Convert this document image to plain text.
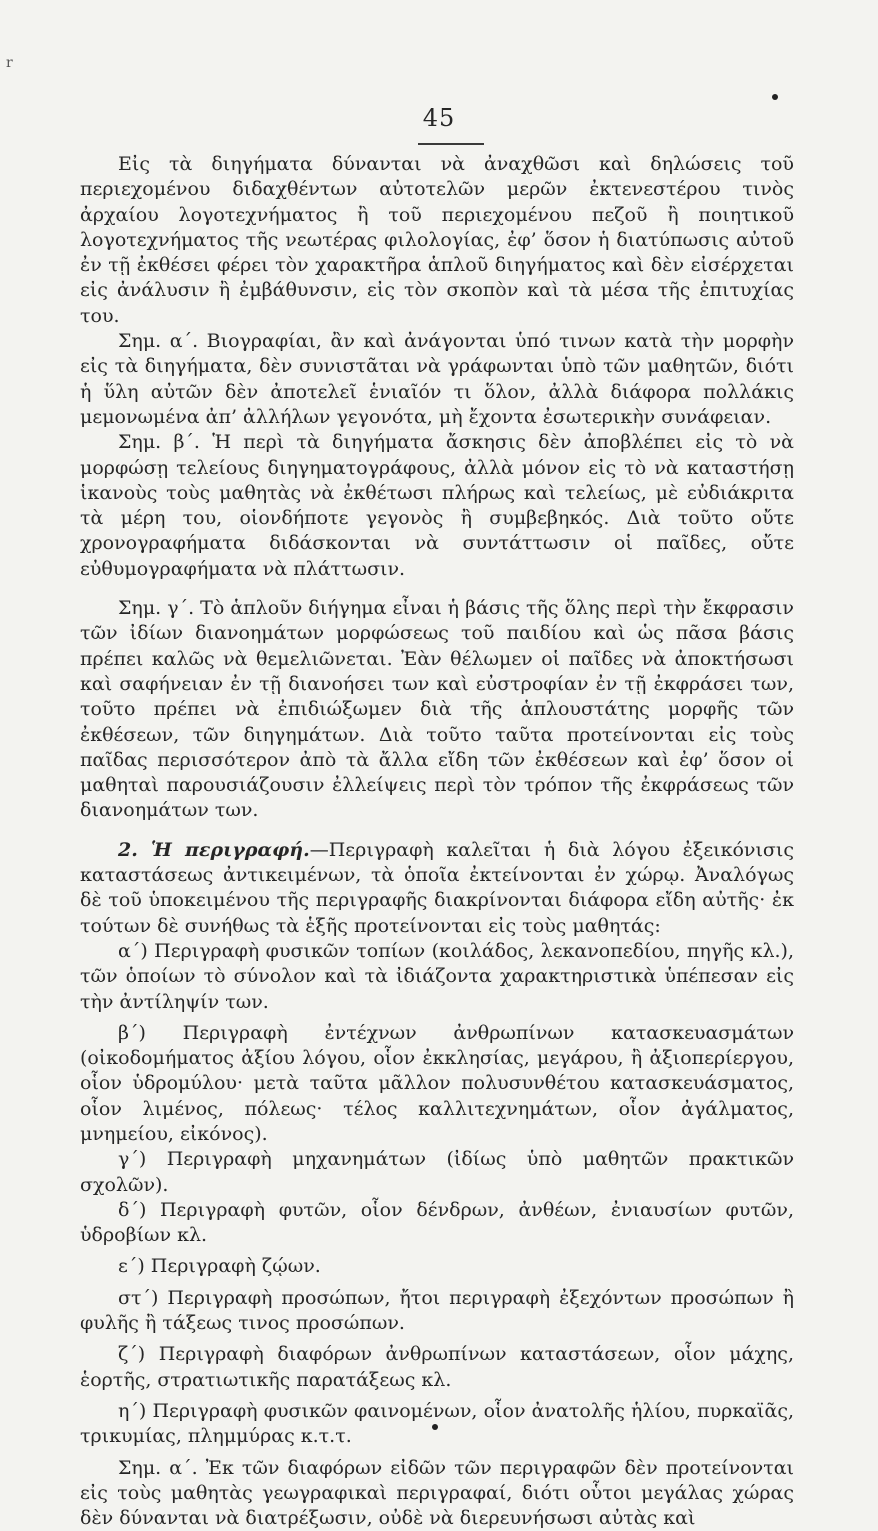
r
45

Εἰς τὰ διηγήματα δύνανται νὰ ἀναχθῶσι καὶ δηλώσεις τοῦ περιεχομένου διδαχθέντων αὐτοτελῶν μερῶν ἐκτενεστέρου τινὸς ἀρχαίου λογοτεχνήματος ἢ τοῦ περιεχομένου πεζοῦ ἢ ποιητικοῦ λογοτεχνήματος τῆς νεωτέρας φιλολογίας, ἐφ’ ὅσον ἡ διατύπωσις αὐτοῦ ἐν τῇ ἐκθέσει φέρει τὸν χαρακτῆρα ἁπλοῦ διηγήματος καὶ δὲν εἰσέρχεται εἰς ἀνάλυσιν ἢ ἐμβάθυνσιν, εἰς τὸν σκοπὸν καὶ τὰ μέσα τῆς ἐπιτυχίας του.

Σημ. α΄. Βιογραφίαι, ἂν καὶ ἀνάγονται ὑπό τινων κατὰ τὴν μορφὴν εἰς τὰ διηγήματα, δὲν συνιστᾶται νὰ γράφωνται ὑπὸ τῶν μαθητῶν, διότι ἡ ὕλη αὐτῶν δὲν ἀποτελεῖ ἑνιαῖόν τι ὅλον, ἀλλὰ διάφορα πολλάκις μεμονωμένα ἀπ’ ἀλλήλων γεγονότα, μὴ ἔχοντα ἐσωτερικὴν συνάφειαν.

Σημ. β΄. Ἡ περὶ τὰ διηγήματα ἄσκησις δὲν ἀποβλέπει εἰς τὸ νὰ μορφώσῃ τελείους διηγηματογράφους, ἀλλὰ μόνον εἰς τὸ νὰ καταστήσῃ ἱκανοὺς τοὺς μαθητὰς νὰ ἐκθέτωσι πλήρως καὶ τελείως, μὲ εὐδιάκριτα τὰ μέρη του, οἱονδήποτε γεγονὸς ἢ συμβεβηκός. Διὰ τοῦτο οὔτε χρονογραφήματα διδάσκονται νὰ συντάττωσιν οἱ παῖδες, οὔτε εὐθυμογραφήματα νὰ πλάττωσιν.

Σημ. γ΄. Τὸ ἁπλοῦν διήγημα εἶναι ἡ βάσις τῆς ὅλης περὶ τὴν ἔκφρασιν τῶν ἰδίων διανοημάτων μορφώσεως τοῦ παιδίου καὶ ὡς πᾶσα βάσις πρέπει καλῶς νὰ θεμελιῶνεται. Ἐὰν θέλωμεν οἱ παῖδες νὰ ἀποκτήσωσι καὶ σαφήνειαν ἐν τῇ διανοήσει των καὶ εὐστροφίαν ἐν τῇ ἐκφράσει των, τοῦτο πρέπει νὰ ἐπιδιώξωμεν διὰ τῆς ἁπλουστάτης μορφῆς τῶν ἐκθέσεων, τῶν διηγημάτων. Διὰ τοῦτο ταῦτα προτείνονται εἰς τοὺς παῖδας περισσότερον ἀπὸ τὰ ἄλλα εἴδη τῶν ἐκθέσεων καὶ ἐφ’ ὅσον οἱ μαθηταὶ παρουσιάζουσιν ἐλλείψεις περὶ τὸν τρόπον τῆς ἐκφράσεως τῶν διανοημάτων των.

2. Ἡ περιγραφή.—Περιγραφὴ καλεῖται ἡ διὰ λόγου ἐξεικόνισις καταστάσεως ἀντικειμένων, τὰ ὁποῖα ἐκτείνονται ἐν χώρῳ. Ἀναλόγως δὲ τοῦ ὑποκειμένου τῆς περιγραφῆς διακρίνονται διάφορα εἴδη αὐτῆς· ἐκ τούτων δὲ συνήθως τὰ ἑξῆς προτείνονται εἰς τοὺς μαθητάς:

α΄) Περιγραφὴ φυσικῶν τοπίων (κοιλάδος, λεκανοπεδίου, πηγῆς κλ.), τῶν ὁποίων τὸ σύνολον καὶ τὰ ἰδιάζοντα χαρακτηριστικὰ ὑπέπεσαν εἰς τὴν ἀντίληψίν των.

β΄) Περιγραφὴ ἐντέχνων ἀνθρωπίνων κατασκευασμάτων (οἰκοδομήματος ἀξίου λόγου, οἷον ἐκκλησίας, μεγάρου, ἢ ἀξιοπερίεργου, οἷον ὑδρομύλου· μετὰ ταῦτα μᾶλλον πολυσυνθέτου κατασκευάσματος, οἷον λιμένος, πόλεως· τέλος καλλιτεχνημάτων, οἷον ἀγάλματος, μνημείου, εἰκόνος).

γ΄) Περιγραφὴ μηχανημάτων (ἰδίως ὑπὸ μαθητῶν πρακτικῶν σχολῶν).

δ΄) Περιγραφὴ φυτῶν, οἷον δένδρων, ἀνθέων, ἐνιαυσίων φυτῶν, ὑδροβίων κλ.

ε΄) Περιγραφὴ ζῴων.

στ΄) Περιγραφὴ προσώπων, ἤτοι περιγραφὴ ἐξεχόντων προσώπων ἢ φυλῆς ἢ τάξεως τινος προσώπων.

ζ΄) Περιγραφὴ διαφόρων ἀνθρωπίνων καταστάσεων, οἷον μάχης, ἑορτῆς, στρατιωτικῆς παρατάξεως κλ.

η΄) Περιγραφὴ φυσικῶν φαινομένων, οἷον ἀνατολῆς ἡλίου, πυρκαϊᾶς, τρικυμίας, πλημμύρας κ.τ.τ.

Σημ. α΄. Ἐκ τῶν διαφόρων εἰδῶν τῶν περιγραφῶν δὲν προτείνονται εἰς τοὺς μαθητὰς γεωγραφικαὶ περιγραφαί, διότι οὗτοι μεγάλας χώρας δὲν δύνανται νὰ διατρέξωσιν, οὐδὲ νὰ διερευνήσωσι αὐτὰς καὶ
